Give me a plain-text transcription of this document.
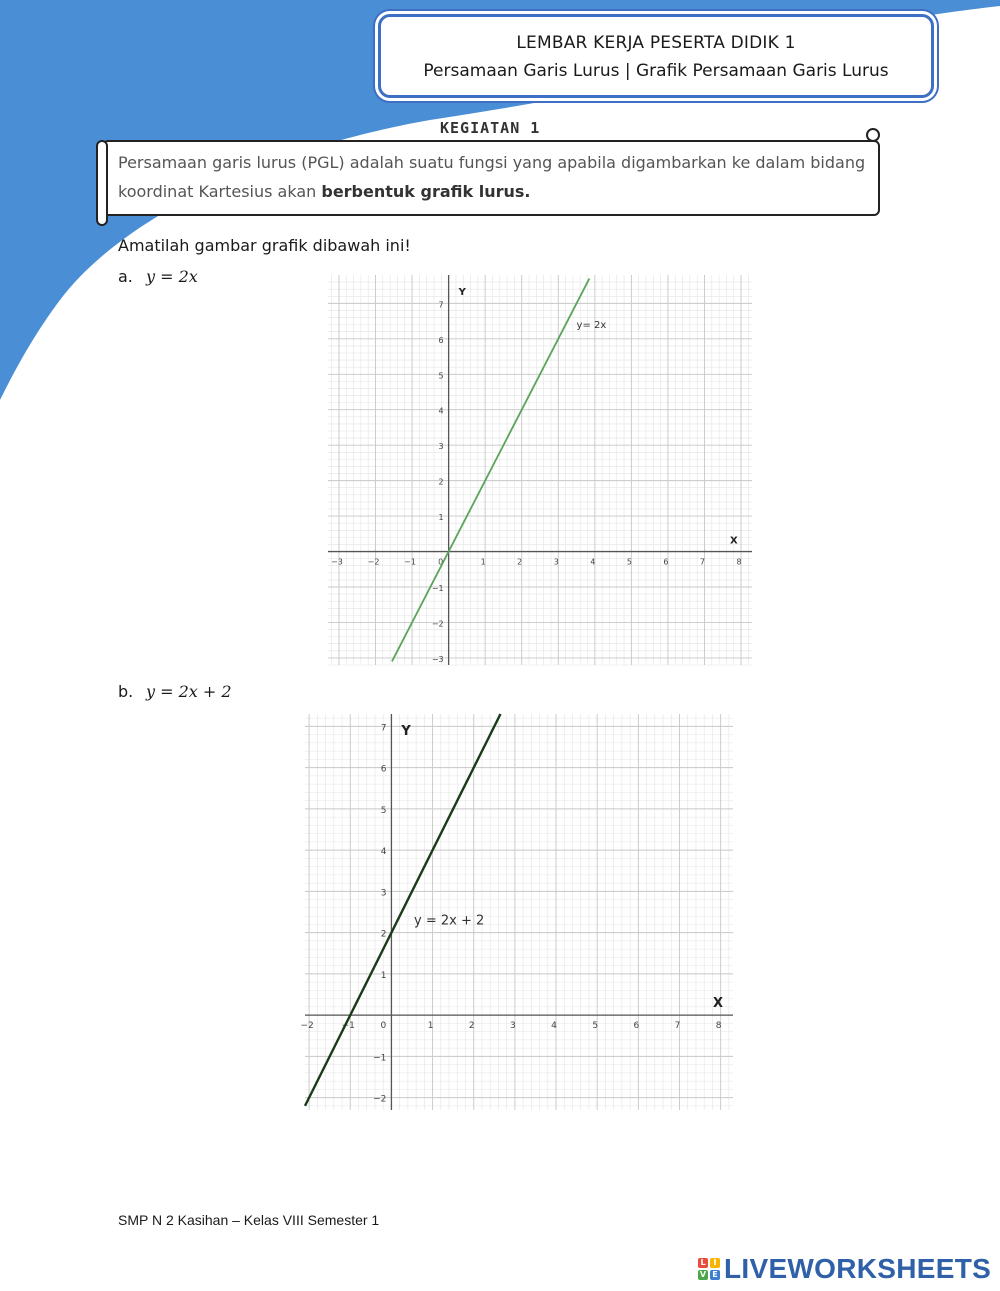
LEMBAR KERJA PESERTA DIDIK 1
Persamaan Garis Lurus | Grafik Persamaan Garis Lurus
KEGIATAN 1
Persamaan garis lurus (PGL) adalah suatu fungsi yang apabila digambarkan ke dalam bidang koordinat Kartesius akan berbentuk grafik lurus.
Amatilah gambar grafik dibawah ini!
a. y = 2x
−3	−2	−1	0	1	2	3	4	5	6	7	8
−3
−2
−1
1
2
3
4
5
6
7
X
Y
y= 2x
b. y = 2x + 2
−2	−1	0	1	2	3	4	5	6	7	8
−2
−1
1
2
3
4
5
6
7
X
Y
y = 2x + 2
SMP N 2 Kasihan – Kelas VIII Semester 1
L I
V E LIVEWORKSHEETS
